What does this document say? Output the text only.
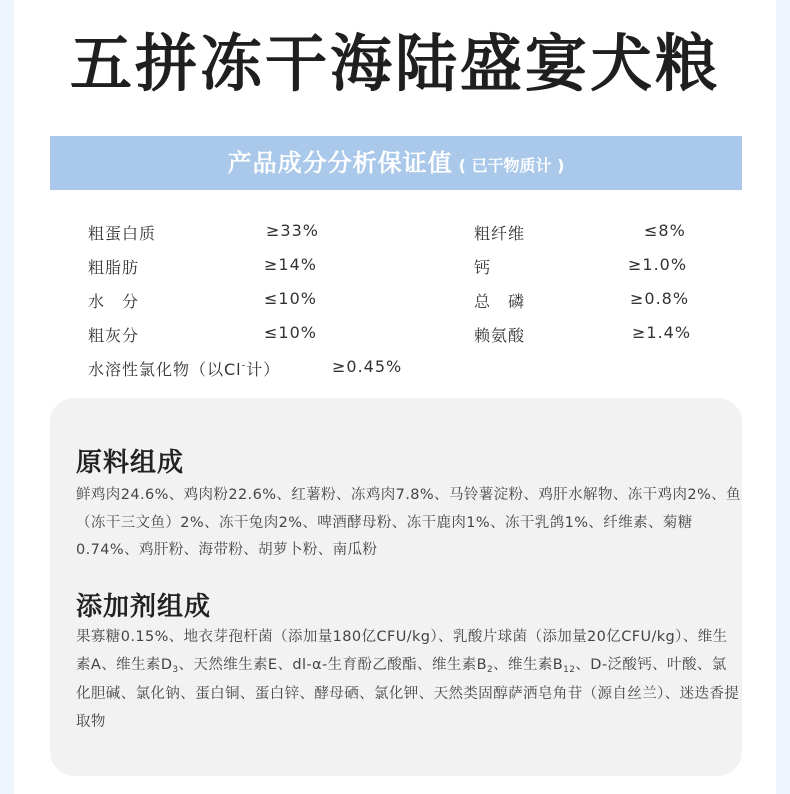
五拼冻干海陆盛宴犬粮
产品成分分析保证值 ( 已干物质计 )
粗蛋白质	≥33%
粗脂肪	≥14%
水　分	≤10%
粗灰分	≤10%
粗纤维	≤8%
钙	≥1.0%
总　磷	≥0.8%
赖氨酸	≥1.4%
水溶性氯化物（以Cl-计）	≥0.45%
原料组成
鲜鸡肉24.6%、鸡肉粉22.6%、红薯粉、冻鸡肉7.8%、马铃薯淀粉、鸡肝水解物、冻干鸡肉2%、鱼（冻干三文鱼）2%、冻干兔肉2%、啤酒酵母粉、冻干鹿肉1%、冻干乳鸽1%、纤维素、菊糖0.74%、鸡肝粉、海带粉、胡萝卜粉、南瓜粉
添加剂组成
果寡糖0.15%、地衣芽孢杆菌（添加量180亿CFU/kg）、乳酸片球菌（添加量20亿CFU/kg）、维生素A、维生素$D_3$、天然维生素E、dl-α-生育酚乙酸酯、维生素$B_2$、维生素$B_{12}$、D-泛酸钙、叶酸、氯化胆碱、氯化钠、蛋白铜、蛋白锌、酵母硒、氯化钾、天然类固醇萨洒皂角苷（源自丝兰）、迷迭香提取物
